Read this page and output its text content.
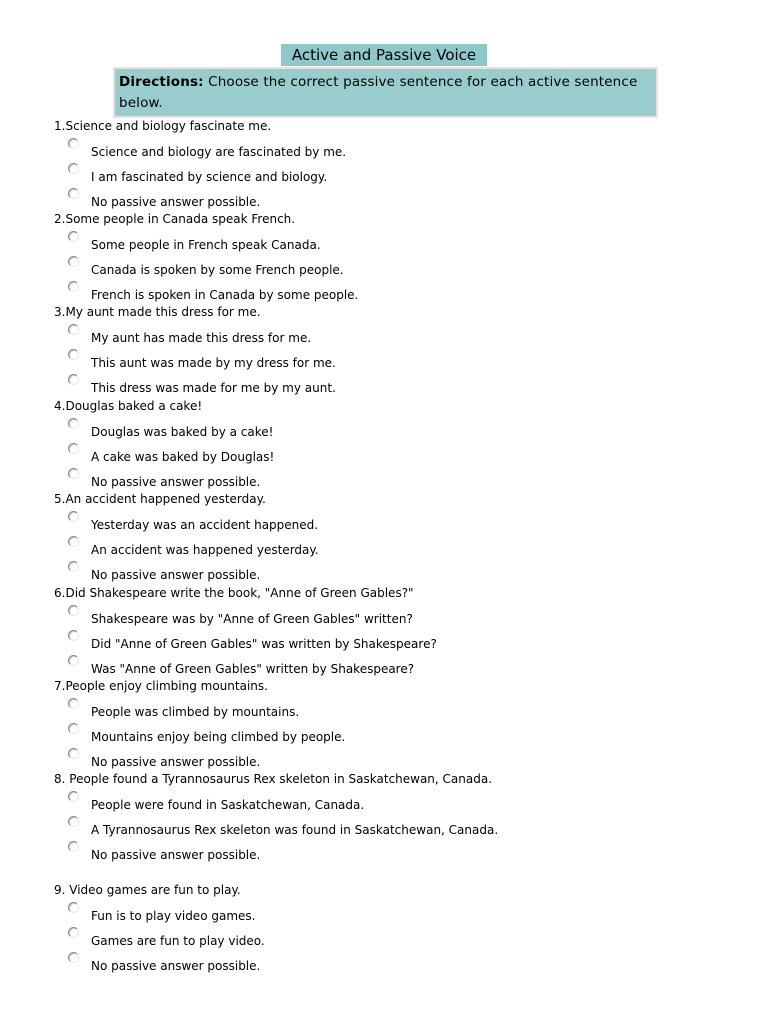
Active and Passive Voice
Directions: Choose the correct passive sentence for each active sentence below.
1.Science and biology fascinate me.
Science and biology are fascinated by me.
I am fascinated by science and biology.
No passive answer possible.
2.Some people in Canada speak French.
Some people in French speak Canada.
Canada is spoken by some French people.
French is spoken in Canada by some people.
3.My aunt made this dress for me.
My aunt has made this dress for me.
This aunt was made by my dress for me.
This dress was made for me by my aunt.
4.Douglas baked a cake!
Douglas was baked by a cake!
A cake was baked by Douglas!
No passive answer possible.
5.An accident happened yesterday.
Yesterday was an accident happened.
An accident was happened yesterday.
No passive answer possible.
6.Did Shakespeare write the book, "Anne of Green Gables?"
Shakespeare was by "Anne of Green Gables" written?
Did "Anne of Green Gables" was written by Shakespeare?
Was "Anne of Green Gables" written by Shakespeare?
7.People enjoy climbing mountains.
People was climbed by mountains.
Mountains enjoy being climbed by people.
No passive answer possible.
8. People found a Tyrannosaurus Rex skeleton in Saskatchewan, Canada.
People were found in Saskatchewan, Canada.
A Tyrannosaurus Rex skeleton was found in Saskatchewan, Canada.
No passive answer possible.
9. Video games are fun to play.
Fun is to play video games.
Games are fun to play video.
No passive answer possible.
